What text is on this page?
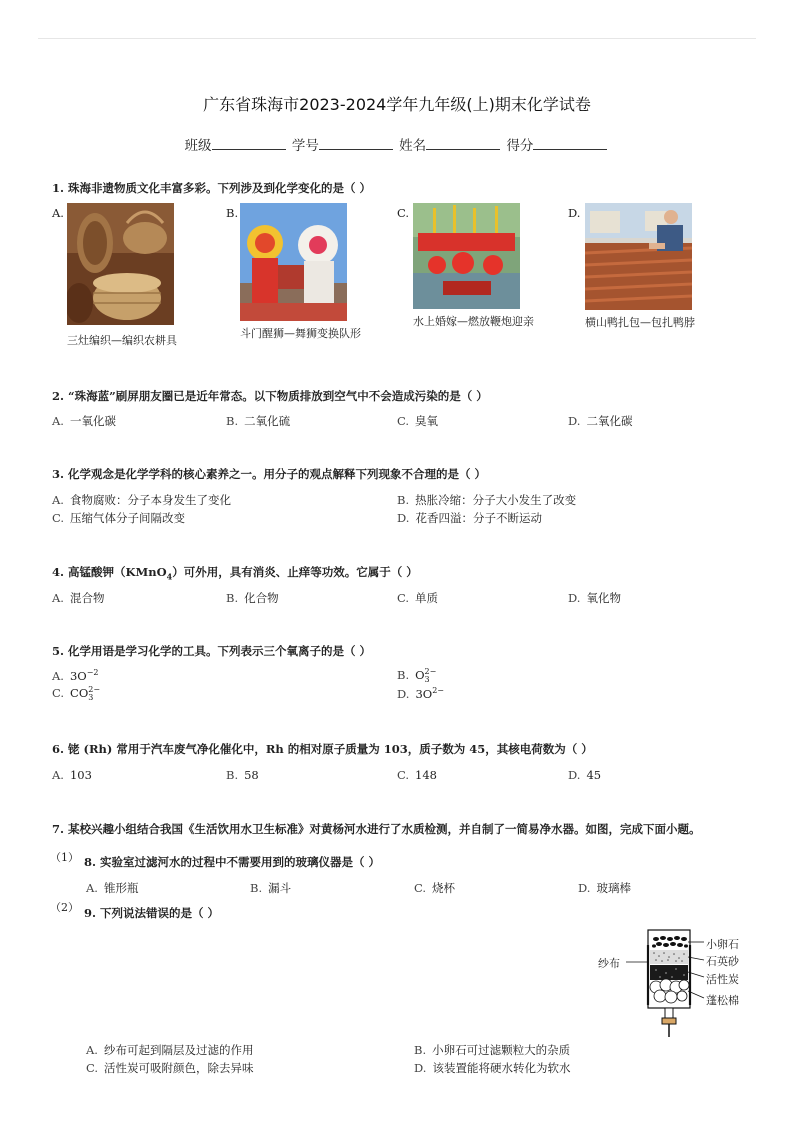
广东省珠海市2023-2024学年九年级(上)期末化学试卷
班级	学号	姓名	得分
1. 珠海非遗物质文化丰富多彩。下列涉及到化学变化的是（ ）
A.
三灶编织—编织农耕具
B.
斗门醒狮—舞狮变换队形
C.
水上婚嫁—燃放鞭炮迎亲
D.
横山鸭扎包—包扎鸭脖
2. “珠海蓝”刷屏朋友圈已是近年常态。以下物质排放到空气中不会造成污染的是（ ）
A. 一氧化碳	B. 二氧化硫	C. 臭氧	D. 二氧化碳
3. 化学观念是化学学科的核心素养之一。用分子的观点解释下列现象不合理的是（ ）
A. 食物腐败：分子本身发生了变化	B. 热胀冷缩：分子大小发生了改变
C. 压缩气体分子间隔改变	D. 花香四溢：分子不断运动
4. 高锰酸钾（KMnO$_4$）可外用，具有消炎、止痒等功效。它属于（ ）
A. 混合物	B. 化合物	C. 单质	D. 氧化物
5. 化学用语是学习化学的工具。下列表示三个氧离子的是（ ）
A. $3O^{-2}$	B. O 2−
3
C. CO 2−
3	D. $3O^{2-}$
6. 铑 (Rh) 常用于汽车废气净化催化中，Rh 的相对原子质量为 103，质子数为 45，其核电荷数为（ ）
A. 103	B. 58	C. 148	D. 45
7. 某校兴趣小组结合我国《生活饮用水卫生标准》对黄杨河水进行了水质检测，并自制了一简易净水器。如图，完成下面小题。
（1） 8. 实验室过滤河水的过程中不需要用到的玻璃仪器是（ ）
A. 锥形瓶	B. 漏斗	C. 烧杯	D. 玻璃棒
（2） 9. 下列说法错误的是（ ）
纱布
小卵石
石英砂
活性炭
蓬松棉
A. 纱布可起到隔层及过滤的作用	B. 小卵石可过滤颗粒大的杂质
C. 活性炭可吸附颜色，除去异味	D. 该装置能将硬水转化为软水
